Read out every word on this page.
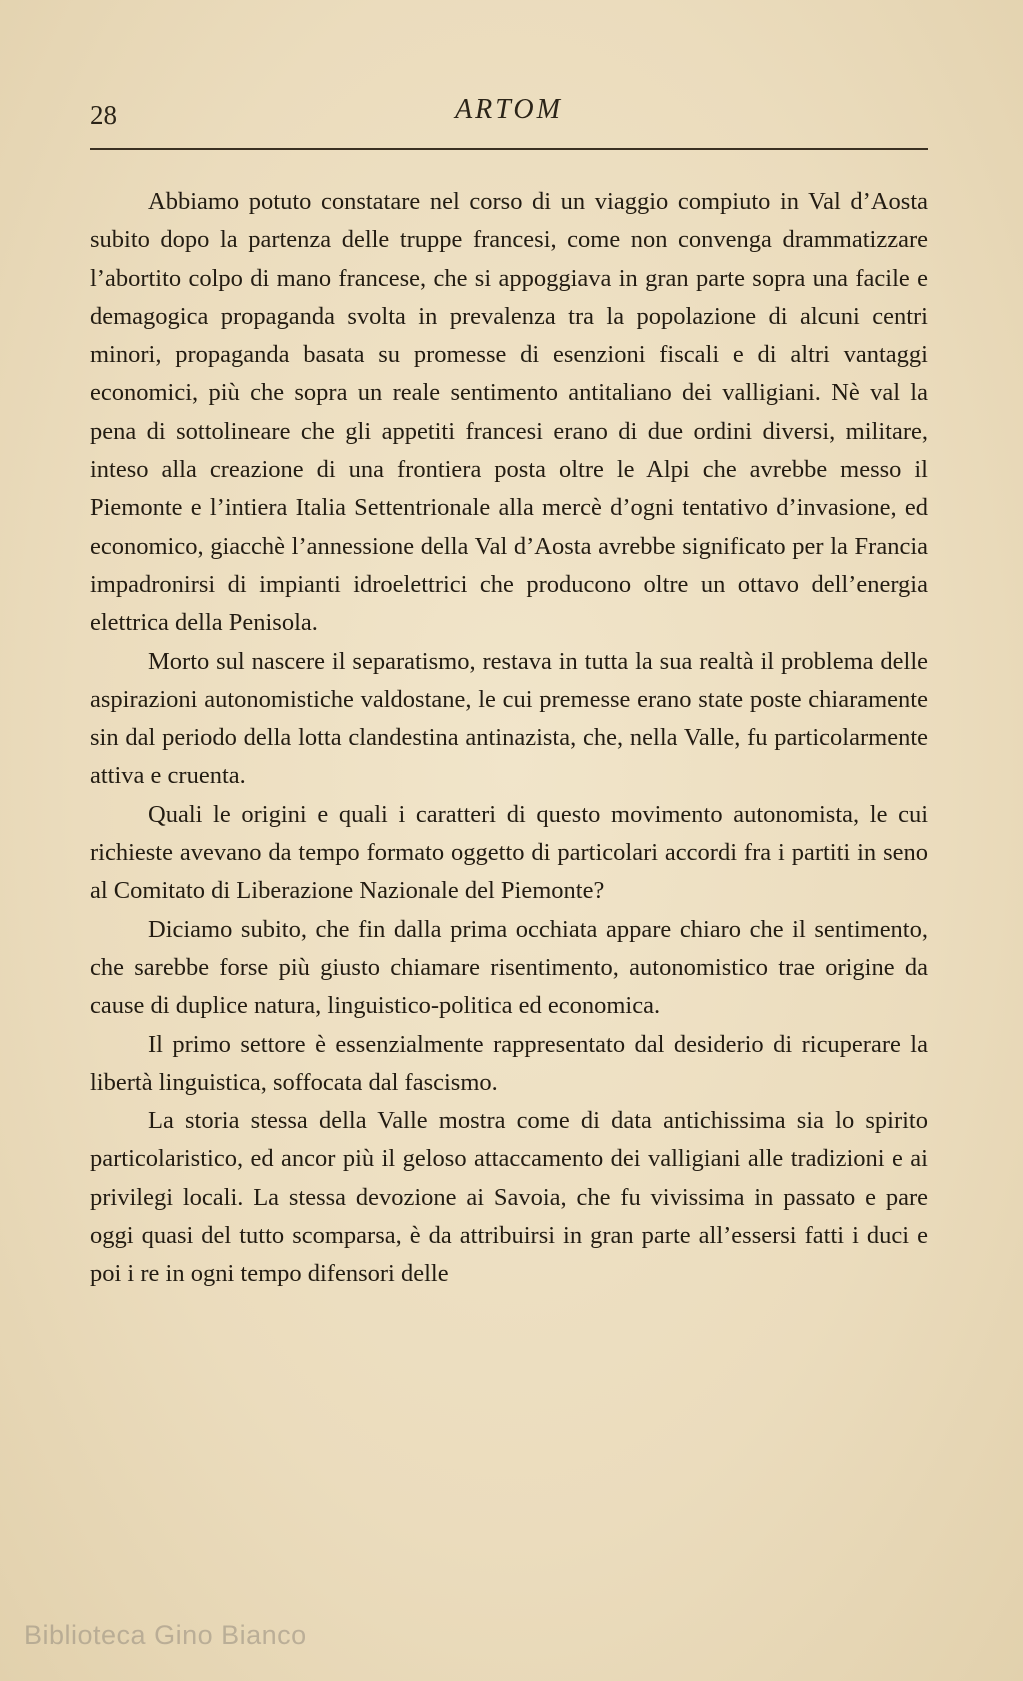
28	ARTOM

Abbiamo potuto constatare nel corso di un viaggio compiuto in Val d’Aosta subito dopo la partenza delle truppe francesi, come non convenga drammatizzare l’abortito colpo di mano francese, che si appoggiava in gran parte sopra una facile e demagogica propaganda svolta in prevalenza tra la popolazione di alcuni centri minori, propaganda basata su promesse di esenzioni fiscali e di altri vantaggi economici, più che sopra un reale sentimento antitaliano dei valligiani. Nè val la pena di sottolineare che gli appetiti francesi erano di due ordini diversi, militare, inteso alla creazione di una frontiera posta oltre le Alpi che avrebbe messo il Piemonte e l’intiera Italia Settentrionale alla mercè d’ogni tentativo d’invasione, ed economico, giacchè l’annessione della Val d’Aosta avrebbe significato per la Francia impadronirsi di impianti idroelettrici che producono oltre un ottavo dell’energia elettrica della Penisola.

Morto sul nascere il separatismo, restava in tutta la sua realtà il problema delle aspirazioni autonomistiche valdostane, le cui premesse erano state poste chiaramente sin dal periodo della lotta clandestina antinazista, che, nella Valle, fu particolarmente attiva e cruenta.

Quali le origini e quali i caratteri di questo movimento autonomista, le cui richieste avevano da tempo formato oggetto di particolari accordi fra i partiti in seno al Comitato di Liberazione Nazionale del Piemonte?

Diciamo subito, che fin dalla prima occhiata appare chiaro che il sentimento, che sarebbe forse più giusto chiamare risentimento, autonomistico trae origine da cause di duplice natura, linguistico-politica ed economica.

Il primo settore è essenzialmente rappresentato dal desiderio di ricuperare la libertà linguistica, soffocata dal fascismo.

La storia stessa della Valle mostra come di data antichissima sia lo spirito particolaristico, ed ancor più il geloso attaccamento dei valligiani alle tradizioni e ai privilegi locali. La stessa devozione ai Savoia, che fu vivissima in passato e pare oggi quasi del tutto scomparsa, è da attribuirsi in gran parte all’essersi fatti i duci e poi i re in ogni tempo difensori delle

Biblioteca Gino Bianco
